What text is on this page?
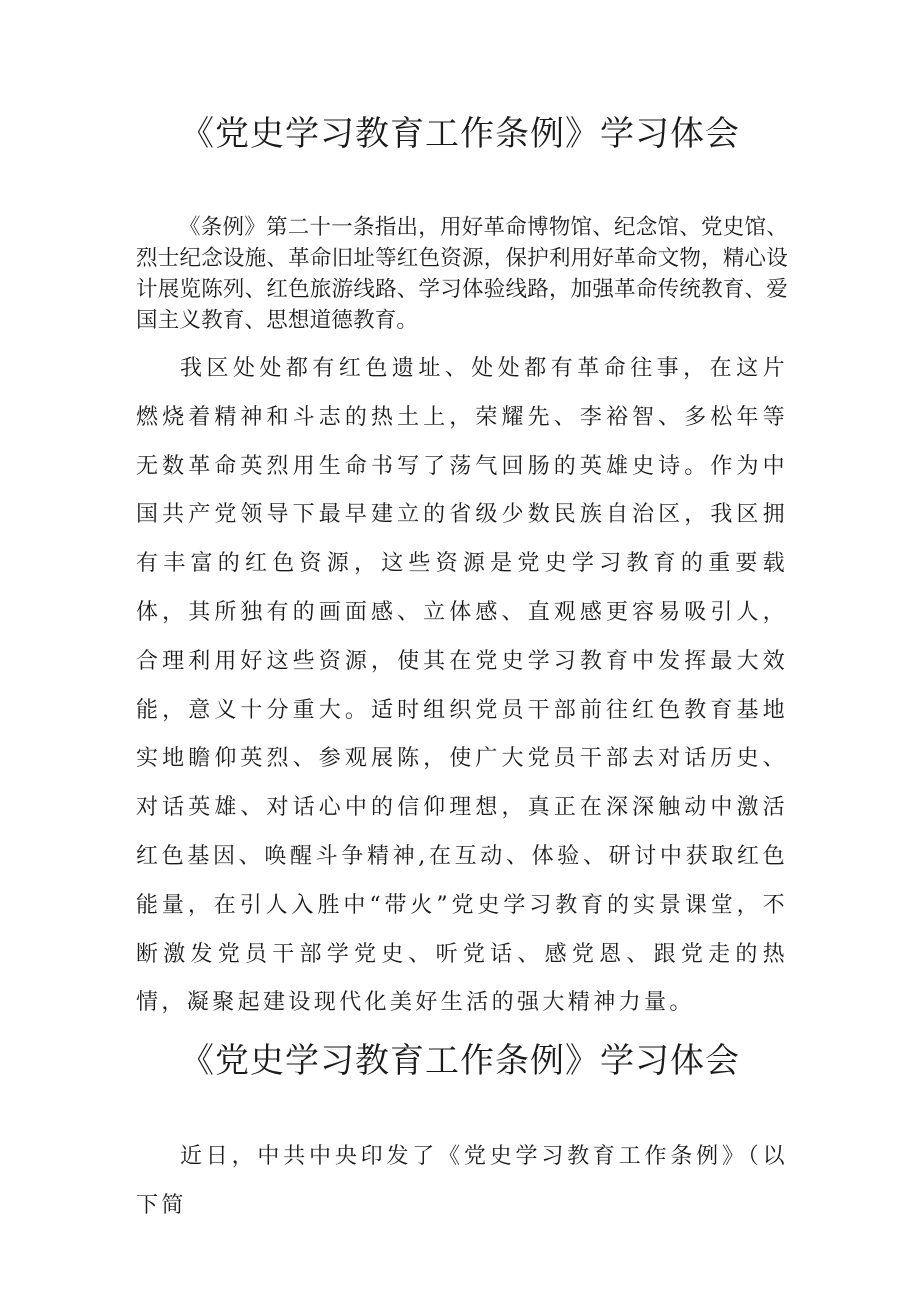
《党史学习教育工作条例》学习体会

《条例》第二十一条指出，用好革命博物馆、纪念馆、党史馆、烈士纪念设施、革命旧址等红色资源，保护利用好革命文物，精心设计展览陈列、红色旅游线路、学习体验线路，加强革命传统教育、爱国主义教育、思想道德教育。

我区处处都有红色遗址、处处都有革命往事，在这片燃烧着精神和斗志的热土上，荣耀先、李裕智、多松年等无数革命英烈用生命书写了荡气回肠的英雄史诗。作为中国共产党领导下最早建立的省级少数民族自治区，我区拥有丰富的红色资源，这些资源是党史学习教育的重要载体，其所独有的画面感、立体感、直观感更容易吸引人，合理利用好这些资源，使其在党史学习教育中发挥最大效能，意义十分重大。适时组织党员干部前往红色教育基地实地瞻仰英烈、参观展陈，使广大党员干部去对话历史、对话英雄、对话心中的信仰理想，真正在深深触动中激活红色基因、唤醒斗争精神,在互动、体验、研讨中获取红色能量，在引人入胜中“带火”党史学习教育的实景课堂，不断激发党员干部学党史、听党话、感党恩、跟党走的热情，凝聚起建设现代化美好生活的强大精神力量。

《党史学习教育工作条例》学习体会

近日，中共中央印发了《党史学习教育工作条例》（以下简
